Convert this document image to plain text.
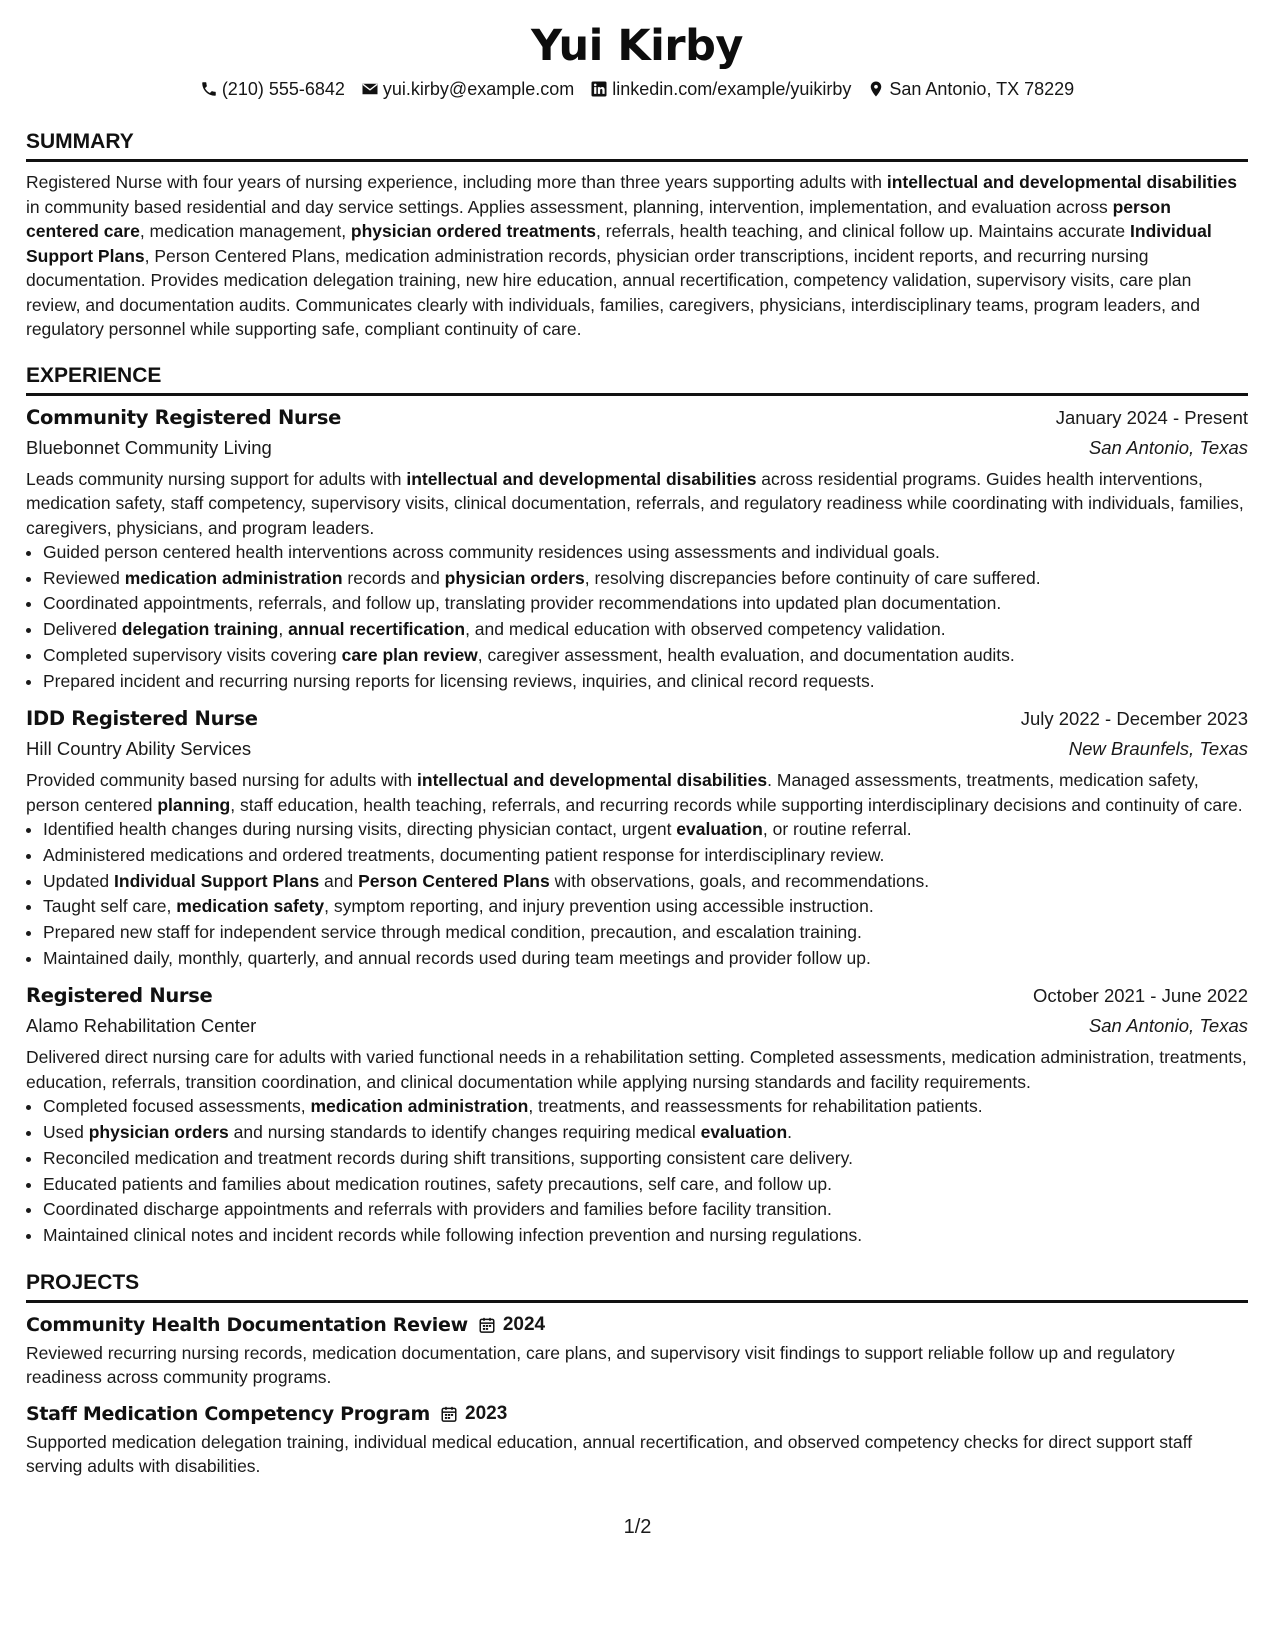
Yui Kirby
(210) 555-6842 yui.kirby@example.com linkedin.com/example/yuikirby San Antonio, TX 78229
SUMMARY
Registered Nurse with four years of nursing experience, including more than three years supporting adults with intellectual and developmental disabilities in community based residential and day service settings. Applies assessment, planning, intervention, implementation, and evaluation across person centered care, medication management, physician ordered treatments, referrals, health teaching, and clinical follow up. Maintains accurate Individual Support Plans, Person Centered Plans, medication administration records, physician order transcriptions, incident reports, and recurring nursing documentation. Provides medication delegation training, new hire education, annual recertification, competency validation, supervisory visits, care plan review, and documentation audits. Communicates clearly with individuals, families, caregivers, physicians, interdisciplinary teams, program leaders, and regulatory personnel while supporting safe, compliant continuity of care.
EXPERIENCE
Community Registered Nurse	January 2024 - Present
Bluebonnet Community Living	San Antonio, Texas
Leads community nursing support for adults with intellectual and developmental disabilities across residential programs. Guides health interventions, medication safety, staff competency, supervisory visits, clinical documentation, referrals, and regulatory readiness while coordinating with individuals, families, caregivers, physicians, and program leaders.
• Guided person centered health interventions across community residences using assessments and individual goals.
• Reviewed medication administration records and physician orders, resolving discrepancies before continuity of care suffered.
• Coordinated appointments, referrals, and follow up, translating provider recommendations into updated plan documentation.
• Delivered delegation training, annual recertification, and medical education with observed competency validation.
• Completed supervisory visits covering care plan review, caregiver assessment, health evaluation, and documentation audits.
• Prepared incident and recurring nursing reports for licensing reviews, inquiries, and clinical record requests.
IDD Registered Nurse	July 2022 - December 2023
Hill Country Ability Services	New Braunfels, Texas
Provided community based nursing for adults with intellectual and developmental disabilities. Managed assessments, treatments, medication safety, person centered planning, staff education, health teaching, referrals, and recurring records while supporting interdisciplinary decisions and continuity of care.
• Identified health changes during nursing visits, directing physician contact, urgent evaluation, or routine referral.
• Administered medications and ordered treatments, documenting patient response for interdisciplinary review.
• Updated Individual Support Plans and Person Centered Plans with observations, goals, and recommendations.
• Taught self care, medication safety, symptom reporting, and injury prevention using accessible instruction.
• Prepared new staff for independent service through medical condition, precaution, and escalation training.
• Maintained daily, monthly, quarterly, and annual records used during team meetings and provider follow up.
Registered Nurse	October 2021 - June 2022
Alamo Rehabilitation Center	San Antonio, Texas
Delivered direct nursing care for adults with varied functional needs in a rehabilitation setting. Completed assessments, medication administration, treatments, education, referrals, transition coordination, and clinical documentation while applying nursing standards and facility requirements.
• Completed focused assessments, medication administration, treatments, and reassessments for rehabilitation patients.
• Used physician orders and nursing standards to identify changes requiring medical evaluation.
• Reconciled medication and treatment records during shift transitions, supporting consistent care delivery.
• Educated patients and families about medication routines, safety precautions, self care, and follow up.
• Coordinated discharge appointments and referrals with providers and families before facility transition.
• Maintained clinical notes and incident records while following infection prevention and nursing regulations.
PROJECTS
Community Health Documentation Review 2024
Reviewed recurring nursing records, medication documentation, care plans, and supervisory visit findings to support reliable follow up and regulatory readiness across community programs.
Staff Medication Competency Program 2023
Supported medication delegation training, individual medical education, annual recertification, and observed competency checks for direct support staff serving adults with disabilities.
1/2
